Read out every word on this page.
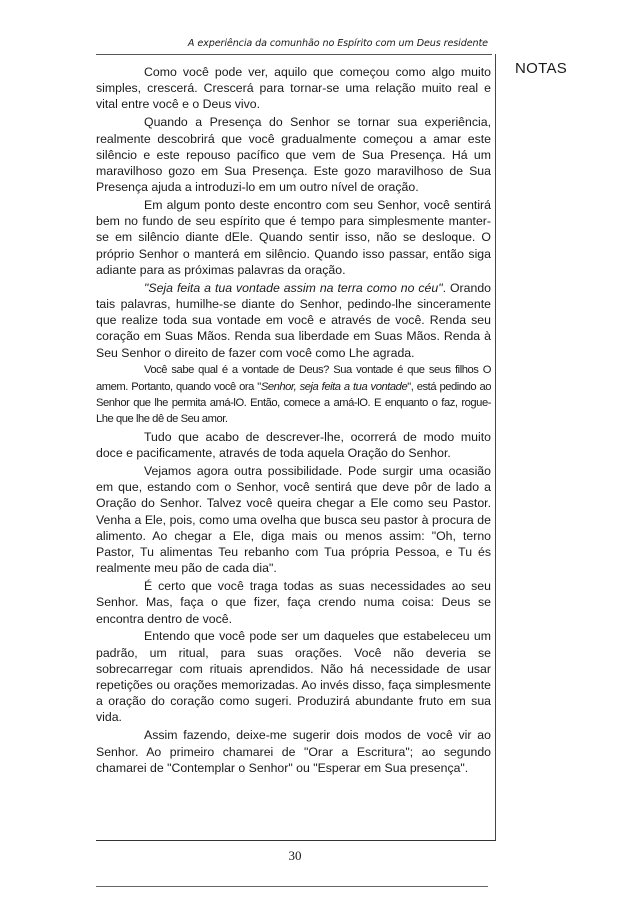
A experiência da comunhão no Espírito com um Deus residente
NOTAS

Como você pode ver, aquilo que começou como algo muito simples, crescerá. Crescerá para tornar-se uma relação muito real e vital entre você e o Deus vivo.

Quando a Presença do Senhor se tornar sua experiência, realmente descobrirá que você gradualmente começou a amar este silêncio e este repouso pacífico que vem de Sua Presença. Há um maravilhoso gozo em Sua Presença. Este gozo maravilhoso de Sua Presença ajuda a introduzi-lo em um outro nível de oração.

Em algum ponto deste encontro com seu Senhor, você sentirá bem no fundo de seu espírito que é tempo para simplesmente manter-se em silêncio diante dEle. Quando sentir isso, não se desloque. O próprio Senhor o manterá em silêncio. Quando isso passar, então siga adiante para as próximas palavras da oração.

"Seja feita a tua vontade assim na terra como no céu". Orando tais palavras, humilhe-se diante do Senhor, pedindo-lhe sinceramente que realize toda sua vontade em você e através de você. Renda seu coração em Suas Mãos. Renda sua liberdade em Suas Mãos. Renda à Seu Senhor o direito de fazer com você como Lhe agrada.

Você sabe qual é a vontade de Deus? Sua vontade é que seus filhos O amem. Portanto, quando você ora "Senhor, seja feita a tua vontade", está pedindo ao Senhor que lhe permita amá-lO. Então, comece a amá-lO. E enquanto o faz, rogue-Lhe que lhe dê de Seu amor.

Tudo que acabo de descrever-lhe, ocorrerá de modo muito doce e pacificamente, através de toda aquela Oração do Senhor.

Vejamos agora outra possibilidade. Pode surgir uma ocasião em que, estando com o Senhor, você sentirá que deve pôr de lado a Oração do Senhor. Talvez você queira chegar a Ele como seu Pastor. Venha a Ele, pois, como uma ovelha que busca seu pastor à procura de alimento. Ao chegar a Ele, diga mais ou menos assim: "Oh, terno Pastor, Tu alimentas Teu rebanho com Tua própria Pessoa, e Tu és realmente meu pão de cada dia".

É certo que você traga todas as suas necessidades ao seu Senhor. Mas, faça o que fizer, faça crendo numa coisa: Deus se encontra dentro de você.

Entendo que você pode ser um daqueles que estabeleceu um padrão, um ritual, para suas orações. Você não deveria se sobrecarregar com rituais aprendidos. Não há necessidade de usar repetições ou orações memorizadas. Ao invés disso, faça simplesmente a oração do coração como sugeri. Produzirá abundante fruto em sua vida.

Assim fazendo, deixe-me sugerir dois modos de você vir ao Senhor. Ao primeiro chamarei de "Orar a Escritura"; ao segundo chamarei de "Contemplar o Senhor" ou "Esperar em Sua presença".

30
